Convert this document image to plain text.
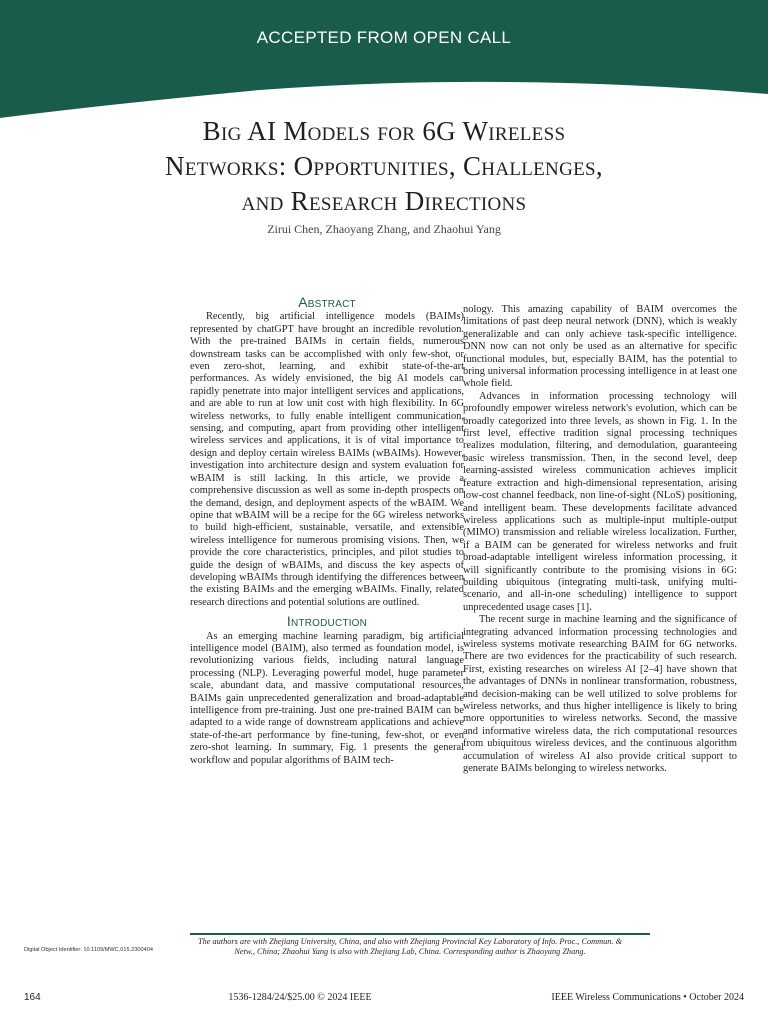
ACCEPTED FROM OPEN CALL
Big AI Models for 6G Wireless
Networks: Opportunities, Challenges,
and Research Directions
Zirui Chen, Zhaoyang Zhang, and Zhaohui Yang
Abstract

Recently, big artificial intelligence models (BAIMs) represented by chatGPT have brought an incredible revolution. With the pre-trained BAIMs in certain fields, numerous downstream tasks can be accomplished with only few-shot, or even zero-shot, learning, and exhibit state-of-the-art performances. As widely envisioned, the big AI models can rapidly penetrate into major intelligent services and applications, and are able to run at low unit cost with high flexibility. In 6G wireless networks, to fully enable intelligent communication, sensing, and computing, apart from providing other intelligent wireless services and applications, it is of vital importance to design and deploy certain wireless BAIMs (wBAIMs). However, investigation into architecture design and system evaluation for wBAIM is still lacking. In this article, we provide a comprehensive discussion as well as some in-depth prospects on the demand, design, and deployment aspects of the wBAIM. We opine that wBAIM will be a recipe for the 6G wireless networks to build high-efficient, sustainable, versatile, and extensible wireless intelligence for numerous promising visions. Then, we provide the core characteristics, principles, and pilot studies to guide the design of wBAIMs, and discuss the key aspects of developing wBAIMs through identifying the differences between the existing BAIMs and the emerging wBAIMs. Finally, related research directions and potential solutions are outlined.

Introduction

As an emerging machine learning paradigm, big artificial intelligence model (BAIM), also termed as foundation model, is revolutionizing various fields, including natural language processing (NLP). Leveraging powerful model, huge parameter scale, abundant data, and massive computational resources, BAIMs gain unprecedented generalization and broad-adaptable intelligence from pre-training. Just one pre-trained BAIM can be adapted to a wide range of downstream applications and achieve state-of-the-art performance by fine-tuning, few-shot, or even zero-shot learning. In summary, Fig. 1 presents the general workflow and popular algorithms of BAIM tech-

nology. This amazing capability of BAIM overcomes the limitations of past deep neural network (DNN), which is weakly generalizable and can only achieve task-specific intelligence. DNN now can not only be used as an alternative for specific functional modules, but, especially BAIM, has the potential to bring universal information processing intelligence in at least one whole field.

Advances in information processing technology will profoundly empower wireless network's evolution, which can be broadly categorized into three levels, as shown in Fig. 1. In the first level, effective tradition signal processing techniques realizes modulation, filtering, and demodulation, guaranteeing basic wireless transmission. Then, in the second level, deep learning-assisted wireless communication achieves implicit feature extraction and high-dimensional representation, arising low-cost channel feedback, non line-of-sight (NLoS) positioning, and intelligent beam. These developments facilitate advanced wireless applications such as multiple-input multiple-output (MIMO) transmission and reliable wireless localization. Further, if a BAIM can be generated for wireless networks and fruit broad-adaptable intelligent wireless information processing, it will significantly contribute to the promising visions in 6G: building ubiquitous (integrating multi-task, unifying multi-scenario, and all-in-one scheduling) intelligence to support unprecedented usage cases [1].

The recent surge in machine learning and the significance of integrating advanced information processing technologies and wireless systems motivate researching BAIM for 6G networks. There are two evidences for the practicability of such research. First, existing researches on wireless AI [2–4] have shown that the advantages of DNNs in nonlinear transformation, robustness, and decision-making can be well utilized to solve problems for wireless networks, and thus higher intelligence is likely to bring more opportunities to wireless networks. Second, the massive and informative wireless data, the rich computational resources from ubiquitous wireless devices, and the continuous algorithm accumulation of wireless AI also provide critical support to generate BAIMs belonging to wireless networks.

The authors are with Zhejiang University, China, and also with Zhejiang Provincial Key Laboratory of Info. Proc., Commun. & Netw., China; Zhaohui Yang is also with Zhejiang Lab, China. Corresponding author is Zhaoyang Zhang.
Digital Object Identifier: 10.1109/MWC.015.2300404
164	1536-1284/24/$25.00 © 2024 IEEE	IEEE Wireless Communications • October 2024
